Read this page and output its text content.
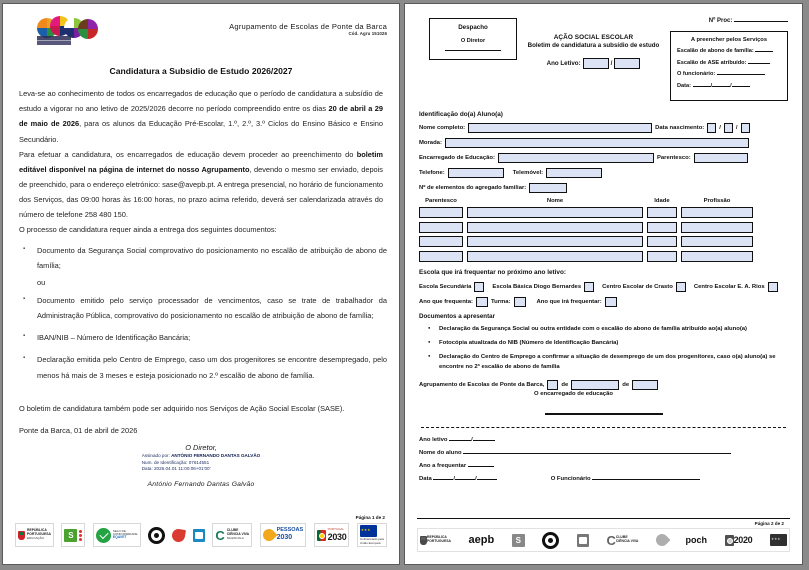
Agrupamento de Escolas de Ponte da Barca
Cód. Agru 151026
Candidatura a Subsidio de Estudo 2026/2027

Leva-se ao conhecimento de todos os encarregados de educação que o período de candidatura a subsídio de estudo a vigorar no ano letivo de 2025/2026 decorre no período compreendido entre os dias 20 de abril a 29 de maio de 2026, para os alunos da Educação Pré-Escolar, 1.º, 2.º, 3.º Ciclos do Ensino Básico e Ensino Secundário.

Para efetuar a candidatura, os encarregados de educação devem proceder ao preenchimento do boletim editável disponível na página de internet do nosso Agrupamento, devendo o mesmo ser enviado, depois de preenchido, para o endereço eletrónico: sase@avepb.pt. A entrega presencial, no horário de funcionamento dos Serviços, das 09:00 horas às 16:00 horas, no prazo acima referido, deverá ser calendarizada através do número de telefone 258 480 150.

O processo de candidatura requer ainda a entrega dos seguintes documentos:

▪ Documento da Segurança Social comprovativo do posicionamento no escalão de atribuição de abono de família;
ou
▪ Documento emitido pelo serviço processador de vencimentos, caso se trate de trabalhador da Administração Pública, comprovativo do posicionamento no escalão de atribuição de abono de família;
▪ IBAN/NIB – Número de Identificação Bancária;
▪ Declaração emitida pelo Centro de Emprego, caso um dos progenitores se encontre desempregado, pelo menos há mais de 3 meses e esteja posicionado no 2.º escalão de abono de família.
O boletim de candidatura também pode ser adquirido nos Serviços de Ação Social Escolar (SASE).
Ponte da Barca, 01 de abril de 2026
O Diretor,
Assinado por: ANTÓNIO FERNANDO DANTAS GALVÃO
Num. de Identificação: 07614551
Data: 2026.04.01 11:00:06+01'00'
António Fernando Dantas Galvão
Página 1 de 2
REPÚBLICA
PORTUGUESA
EDUCAÇÃO	S	SELO DE
CONFORMIDADE
EQAVET	C CLUBE
CIÊNCIA VIVA
NA ESCOLA
PESSOAS
2030
PORTUGAL
2030
★★★	Cofinanciado pela
União Europeia
Despacho
O Diretor	AÇÃO SOCIAL ESCOLAR
Boletim de candidatura a subsídio de estudo
Ano Letivo:	/
Nº Proc:
A preencher pelos Serviços
Escalão de abono de família:
Escalão de ASE atribuído:
O funcionário:
Data:	/	/
Identificação do(a) Aluno(a)
Nome completo:	Data nascimento:	/	/
Morada:
Encarregado de Educação:	Parentesco:
Telefone:	Telemóvel:
Nº de elementos do agregado familiar:
Parentesco	Nome	Idade	Profissão
Escola que irá frequentar no próximo ano letivo:
Escola Secundária	Escola Básica Diogo Bernardes	Centro Escolar de Crasto	Centro Escolar E. A. Rios
Ano que frequenta:	Turma:	Ano que irá frequentar:
Documentos a apresentar
● Declaração da Segurança Social ou outra entidade com o escalão do abono de família atribuído ao(a) aluno(a)
● Fotocópia atualizada do NIB (Número de Identificação Bancária)
● Declaração do Centro de Emprego a confirmar a situação de desemprego de um dos progenitores, caso o(a) aluno(a) se encontre no 2ª escalão de abono de família
Agrupamento de Escolas de Ponte da Barca,	de	de
O encarregado de educação
Ano letivo	/
Nome do aluno
Ano a frequentar
Data	/	/	O Funcionário
Página 2 de 2
REPÚBLICA
PORTUGUESA aepb	S	C CLUBE
CIÊNCIA VIVA	poch	2020
★★★
